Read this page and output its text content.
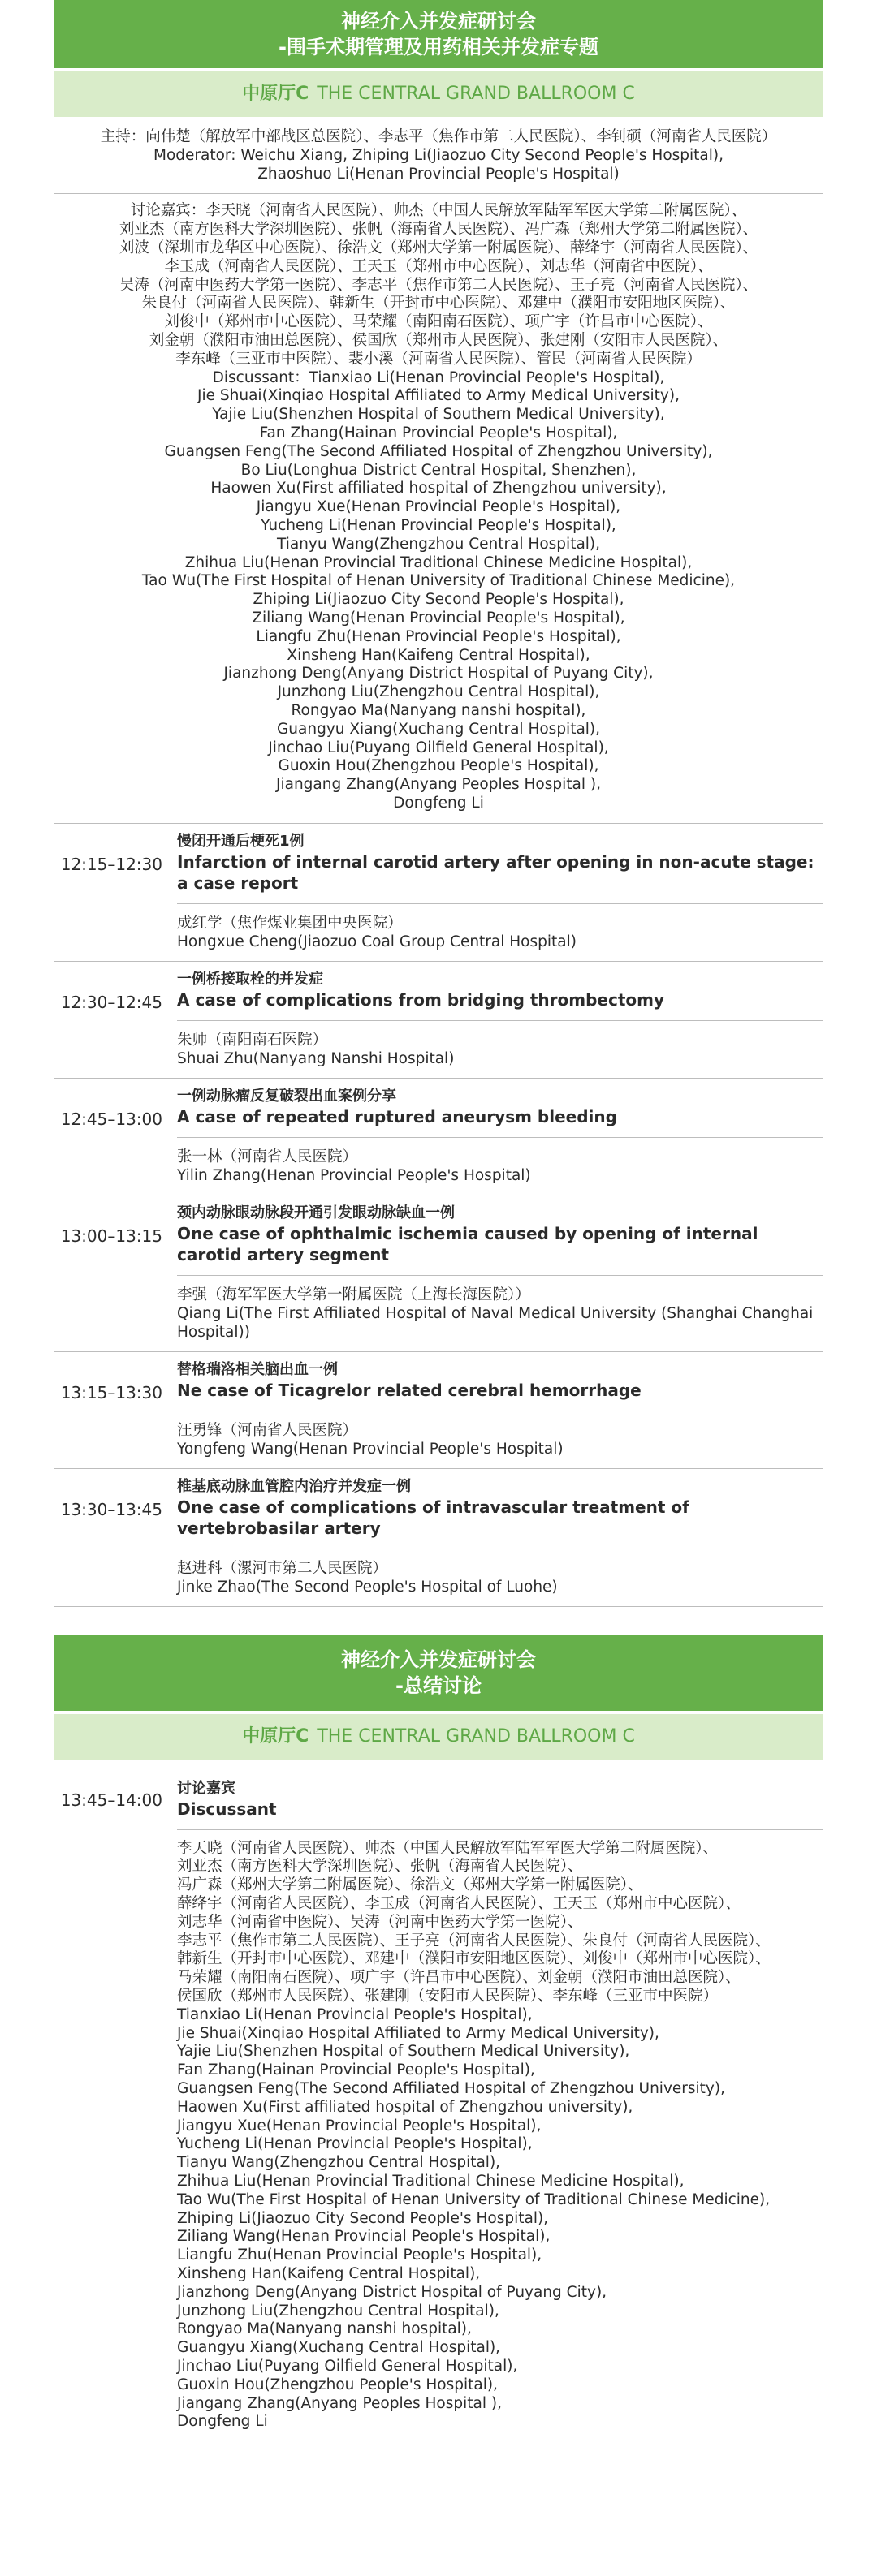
神经介入并发症研讨会
-围手术期管理及用药相关并发症专题
中原厅C THE CENTRAL GRAND BALLROOM C
主持：向伟楚（解放军中部战区总医院）、李志平（焦作市第二人民医院）、李钊硕（河南省人民医院）
Moderator: Weichu Xiang, Zhiping Li(Jiaozuo City Second People's Hospital),
Zhaoshuo Li(Henan Provincial People's Hospital)
讨论嘉宾：李天晓（河南省人民医院）、帅杰（中国人民解放军陆军军医大学第二附属医院）、
刘亚杰（南方医科大学深圳医院）、张帆（海南省人民医院）、冯广森（郑州大学第二附属医院）、
刘波（深圳市龙华区中心医院）、徐浩文（郑州大学第一附属医院）、薛绛宇（河南省人民医院）、
李玉成（河南省人民医院）、王天玉（郑州市中心医院）、刘志华（河南省中医院）、
吴涛（河南中医药大学第一医院）、李志平（焦作市第二人民医院）、王子亮（河南省人民医院）、
朱良付（河南省人民医院）、韩新生（开封市中心医院）、邓建中（濮阳市安阳地区医院）、
刘俊中（郑州市中心医院）、马荣耀（南阳南石医院）、项广宇（许昌市中心医院）、
刘金朝（濮阳市油田总医院）、侯国欣（郑州市人民医院）、张建刚（安阳市人民医院）、
李东峰（三亚市中医院）、裴小溪（河南省人民医院）、管民（河南省人民医院）
Discussant：Tianxiao Li(Henan Provincial People's Hospital),
Jie Shuai(Xinqiao Hospital Affiliated to Army Medical University),
Yajie Liu(Shenzhen Hospital of Southern Medical University),
Fan Zhang(Hainan Provincial People's Hospital),
Guangsen Feng(The Second Affiliated Hospital of Zhengzhou University),
Bo Liu(Longhua District Central Hospital, Shenzhen),
Haowen Xu(First affiliated hospital of Zhengzhou university),
Jiangyu Xue(Henan Provincial People's Hospital),
Yucheng Li(Henan Provincial People's Hospital),
Tianyu Wang(Zhengzhou Central Hospital),
Zhihua Liu(Henan Provincial Traditional Chinese Medicine Hospital),
Tao Wu(The First Hospital of Henan University of Traditional Chinese Medicine),
Zhiping Li(Jiaozuo City Second People's Hospital),
Ziliang Wang(Henan Provincial People's Hospital),
Liangfu Zhu(Henan Provincial People's Hospital),
Xinsheng Han(Kaifeng Central Hospital),
Jianzhong Deng(Anyang District Hospital of Puyang City),
Junzhong Liu(Zhengzhou Central Hospital),
Rongyao Ma(Nanyang nanshi hospital),
Guangyu Xiang(Xuchang Central Hospital),
Jinchao Liu(Puyang Oilfield General Hospital),
Guoxin Hou(Zhengzhou People's Hospital),
Jiangang Zhang(Anyang Peoples Hospital ),
Dongfeng Li
12:15–12:30
慢闭开通后梗死1例
Infarction of internal carotid artery after opening in non-acute stage: a case report
成红学（焦作煤业集团中央医院）
Hongxue Cheng(Jiaozuo Coal Group Central Hospital)
12:30–12:45
一例桥接取栓的并发症
A case of complications from bridging thrombectomy
朱帅（南阳南石医院）
Shuai Zhu(Nanyang Nanshi Hospital)
12:45–13:00
一例动脉瘤反复破裂出血案例分享
A case of repeated ruptured aneurysm bleeding
张一林（河南省人民医院）
Yilin Zhang(Henan Provincial People's Hospital)
13:00–13:15
颈内动脉眼动脉段开通引发眼动脉缺血一例
One case of ophthalmic ischemia caused by opening of internal carotid artery segment
李强（海军军医大学第一附属医院（上海长海医院））
Qiang Li(The First Affiliated Hospital of Naval Medical University (Shanghai Changhai Hospital))
13:15–13:30
替格瑞洛相关脑出血一例
Ne case of Ticagrelor related cerebral hemorrhage
汪勇锋（河南省人民医院）
Yongfeng Wang(Henan Provincial People's Hospital)
13:30–13:45
椎基底动脉血管腔内治疗并发症一例
One case of complications of intravascular treatment of vertebrobasilar artery
赵进科（漯河市第二人民医院）
Jinke Zhao(The Second People's Hospital of Luohe)
神经介入并发症研讨会
-总结讨论
中原厅C THE CENTRAL GRAND BALLROOM C
13:45–14:00
讨论嘉宾
Discussant
李天晓（河南省人民医院）、帅杰（中国人民解放军陆军军医大学第二附属医院）、
刘亚杰（南方医科大学深圳医院）、张帆（海南省人民医院）、
冯广森（郑州大学第二附属医院）、徐浩文（郑州大学第一附属医院）、
薛绛宇（河南省人民医院）、李玉成（河南省人民医院）、王天玉（郑州市中心医院）、
刘志华（河南省中医院）、吴涛（河南中医药大学第一医院）、
李志平（焦作市第二人民医院）、王子亮（河南省人民医院）、朱良付（河南省人民医院）、
韩新生（开封市中心医院）、邓建中（濮阳市安阳地区医院）、刘俊中（郑州市中心医院）、
马荣耀（南阳南石医院）、项广宇（许昌市中心医院）、刘金朝（濮阳市油田总医院）、
侯国欣（郑州市人民医院）、张建刚（安阳市人民医院）、李东峰（三亚市中医院）
Tianxiao Li(Henan Provincial People's Hospital),
Jie Shuai(Xinqiao Hospital Affiliated to Army Medical University),
Yajie Liu(Shenzhen Hospital of Southern Medical University),
Fan Zhang(Hainan Provincial People's Hospital),
Guangsen Feng(The Second Affiliated Hospital of Zhengzhou University),
Haowen Xu(First affiliated hospital of Zhengzhou university),
Jiangyu Xue(Henan Provincial People's Hospital),
Yucheng Li(Henan Provincial People's Hospital),
Tianyu Wang(Zhengzhou Central Hospital),
Zhihua Liu(Henan Provincial Traditional Chinese Medicine Hospital),
Tao Wu(The First Hospital of Henan University of Traditional Chinese Medicine),
Zhiping Li(Jiaozuo City Second People's Hospital),
Ziliang Wang(Henan Provincial People's Hospital),
Liangfu Zhu(Henan Provincial People's Hospital),
Xinsheng Han(Kaifeng Central Hospital),
Jianzhong Deng(Anyang District Hospital of Puyang City),
Junzhong Liu(Zhengzhou Central Hospital),
Rongyao Ma(Nanyang nanshi hospital),
Guangyu Xiang(Xuchang Central Hospital),
Jinchao Liu(Puyang Oilfield General Hospital),
Guoxin Hou(Zhengzhou People's Hospital),
Jiangang Zhang(Anyang Peoples Hospital ),
Dongfeng Li
